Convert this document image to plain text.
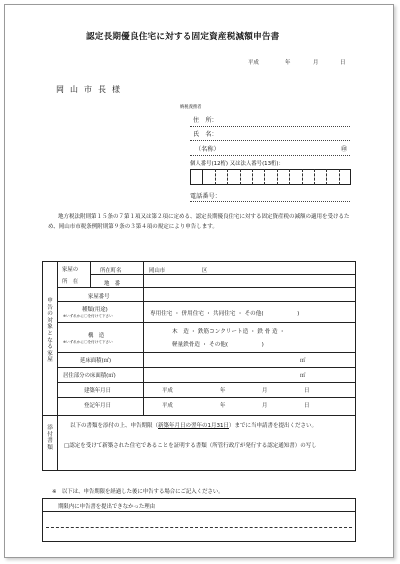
認定長期優良住宅に対する固定資産税減額申告書
平成	年	月	日
岡山市長様
納税義務者
住　所：
氏　名：
（名称）	㊞
個人番号(12桁) 又は法人番号(13桁)：
電話番号：
地方税法附則第１５条の７第１項又は第２項に定める、認定長期優良住宅に対する固定資産税の減額の適用を受けるため、岡山市市税条例附則第９条の３第４項の規定により申告します。
申告の対象となる家屋
家屋の
所　在
所在町名	岡山市	区
地　番
家屋番号
種類(用途)
※いずれかに〇を付けて下さい	専用住宅 ・ 併用住宅 ・ 共同住宅 ・ その他(　　　　　　)
構　造
※いずれかに〇を付けて下さい
木　造 ・ 鉄筋コンクリート造 ・ 鉄 骨 造 ・
軽量鉄骨造 ・ その他(　　　　　　)
延床面積(㎡)	㎡
居住部分の床面積(㎡)	㎡
建築年月日	平成	年	月	日
登記年月日	平成	年	月	日
添付書類
以下の書類を添付の上、申告期限（新築年月日の翌年の1月31日）までに当申請書を提出ください。
□認定を受けて新築された住宅であることを証明する書類（所管行政庁が発行する認定通知書）の写し
※　以下は、申告期限を経過した後に申告する場合にご記入ください。
期限内に申告書を提出できなかった理由
